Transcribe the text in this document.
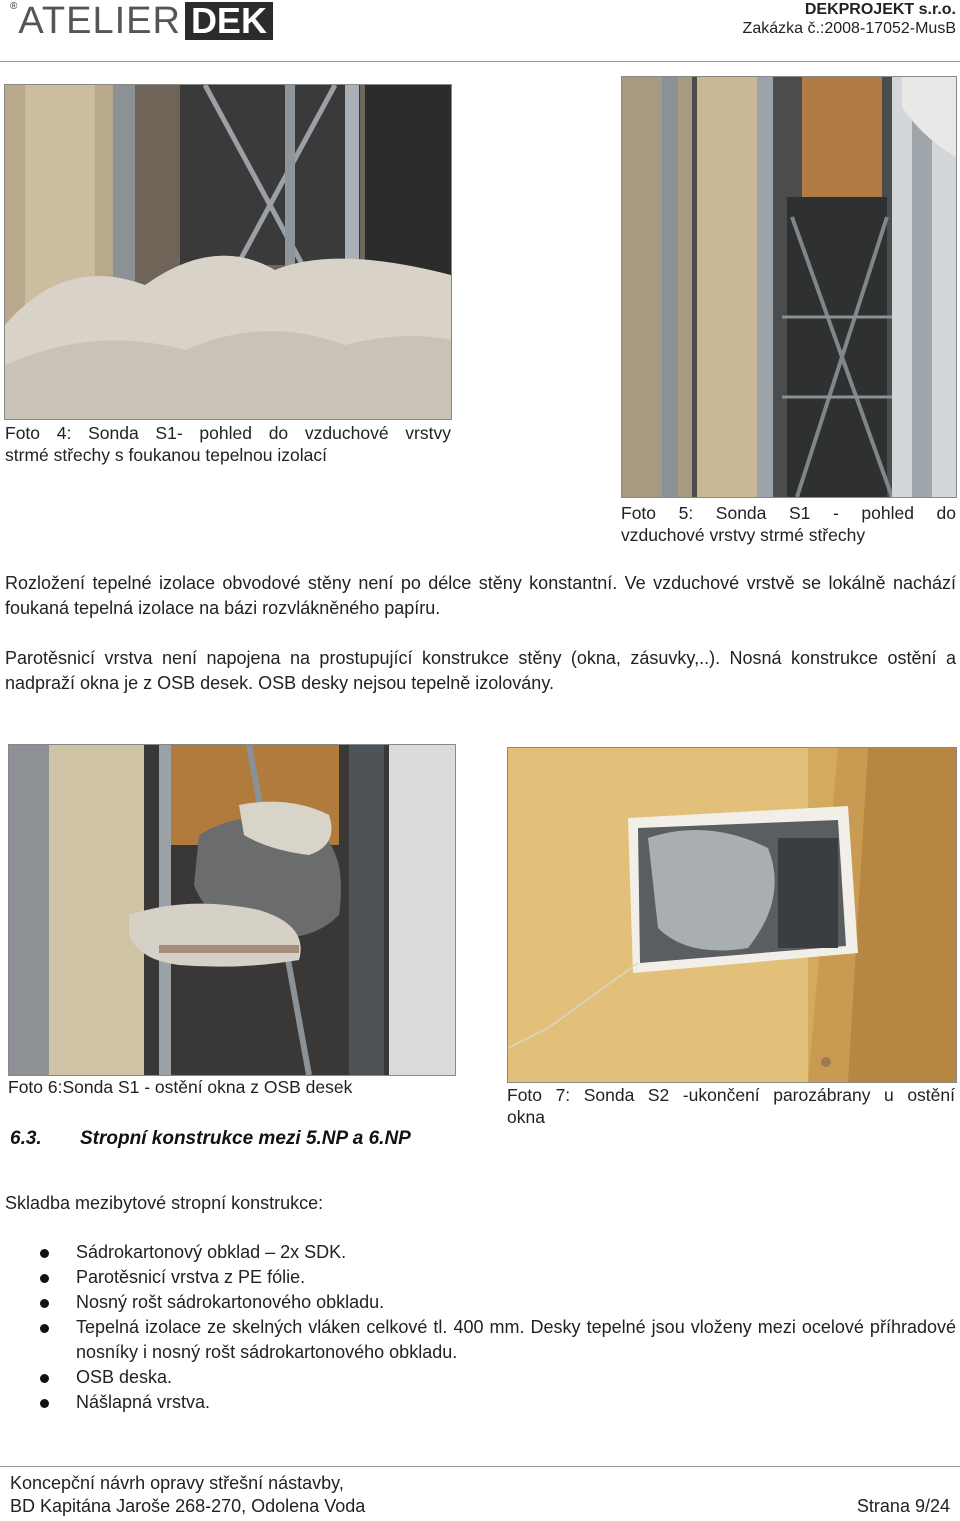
® ATELIER DEK	DEKPROJEKT s.r.o.
Zakázka č.:2008-17052-MusB
Foto 4: Sonda S1- pohled do vzduchové vrstvy
strmé střechy s foukanou tepelnou izolací
Foto 5: Sonda S1 - pohled do
vzduchové vrstvy strmé střechy
Rozložení tepelné izolace obvodové stěny není po délce stěny konstantní. Ve vzduchové vrstvě se lokálně nachází foukaná tepelná izolace na bázi rozvlákněného papíru.
Parotěsnicí vrstva není napojena na prostupující konstrukce stěny (okna, zásuvky,..). Nosná konstrukce ostění a nadpraží okna je z OSB desek. OSB desky nejsou tepelně izolovány.
Foto 6:Sonda S1 - ostění okna z OSB desek
6.3. Stropní konstrukce mezi 5.NP a 6.NP
Foto 7: Sonda S2 -ukončení parozábrany u ostění
okna
Skladba mezibytové stropní konstrukce:
Sádrokartonový obklad – 2x SDK.
Parotěsnicí vrstva z PE fólie.
Nosný rošt sádrokartonového obkladu.
Tepelná izolace ze skelných vláken celkové tl. 400 mm. Desky tepelné jsou vloženy mezi ocelové příhradové nosníky i nosný rošt sádrokartonového obkladu.
OSB deska.
Nášlapná vrstva.
Koncepční návrh opravy střešní nástavby,
BD Kapitána Jaroše 268-270, Odolena Voda	Strana 9/24
